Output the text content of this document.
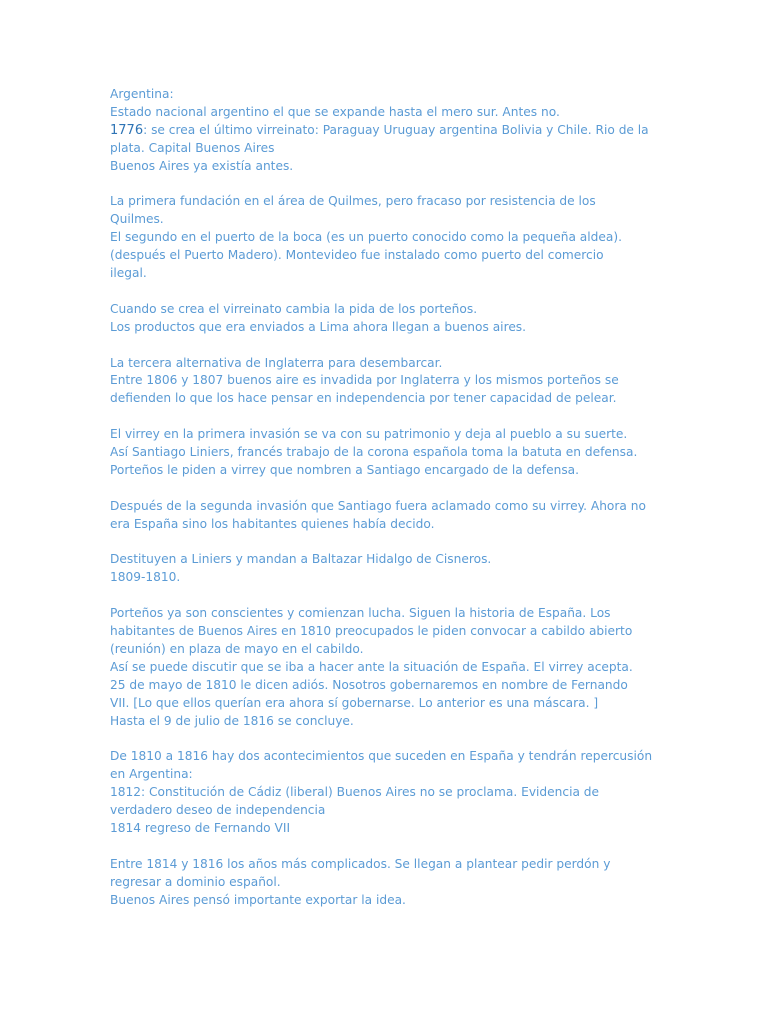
Argentina:
Estado nacional argentino el que se expande hasta el mero sur. Antes no.
1776: se crea el último virreinato: Paraguay Uruguay argentina Bolivia y Chile. Rio de la
plata. Capital Buenos Aires
Buenos Aires ya existía antes.
La primera fundación en el área de Quilmes, pero fracaso por resistencia de los
Quilmes.
El segundo en el puerto de la boca (es un puerto conocido como la pequeña aldea).
(después el Puerto Madero). Montevideo fue instalado como puerto del comercio
ilegal.
Cuando se crea el virreinato cambia la pida de los porteños.
Los productos que era enviados a Lima ahora llegan a buenos aires.
La tercera alternativa de Inglaterra para desembarcar.
Entre 1806 y 1807 buenos aire es invadida por Inglaterra y los mismos porteños se
defienden lo que los hace pensar en independencia por tener capacidad de pelear.
El virrey en la primera invasión se va con su patrimonio y deja al pueblo a su suerte.
Así Santiago Liniers, francés trabajo de la corona española toma la batuta en defensa.
Porteños le piden a virrey que nombren a Santiago encargado de la defensa.
Después de la segunda invasión que Santiago fuera aclamado como su virrey. Ahora no
era España sino los habitantes quienes había decido.
Destituyen a Liniers y mandan a Baltazar Hidalgo de Cisneros.
1809-1810.
Porteños ya son conscientes y comienzan lucha. Siguen la historia de España. Los
habitantes de Buenos Aires en 1810 preocupados le piden convocar a cabildo abierto
(reunión) en plaza de mayo en el cabildo.
Así se puede discutir que se iba a hacer ante la situación de España. El virrey acepta.
25 de mayo de 1810 le dicen adiós. Nosotros gobernaremos en nombre de Fernando
VII. [Lo que ellos querían era ahora sí gobernarse. Lo anterior es una máscara. ]
Hasta el 9 de julio de 1816 se concluye.
De 1810 a 1816 hay dos acontecimientos que suceden en España y tendrán repercusión
en Argentina:
1812: Constitución de Cádiz (liberal) Buenos Aires no se proclama. Evidencia de
verdadero deseo de independencia
1814 regreso de Fernando VII
Entre 1814 y 1816 los años más complicados. Se llegan a plantear pedir perdón y
regresar a dominio español.
Buenos Aires pensó importante exportar la idea.
